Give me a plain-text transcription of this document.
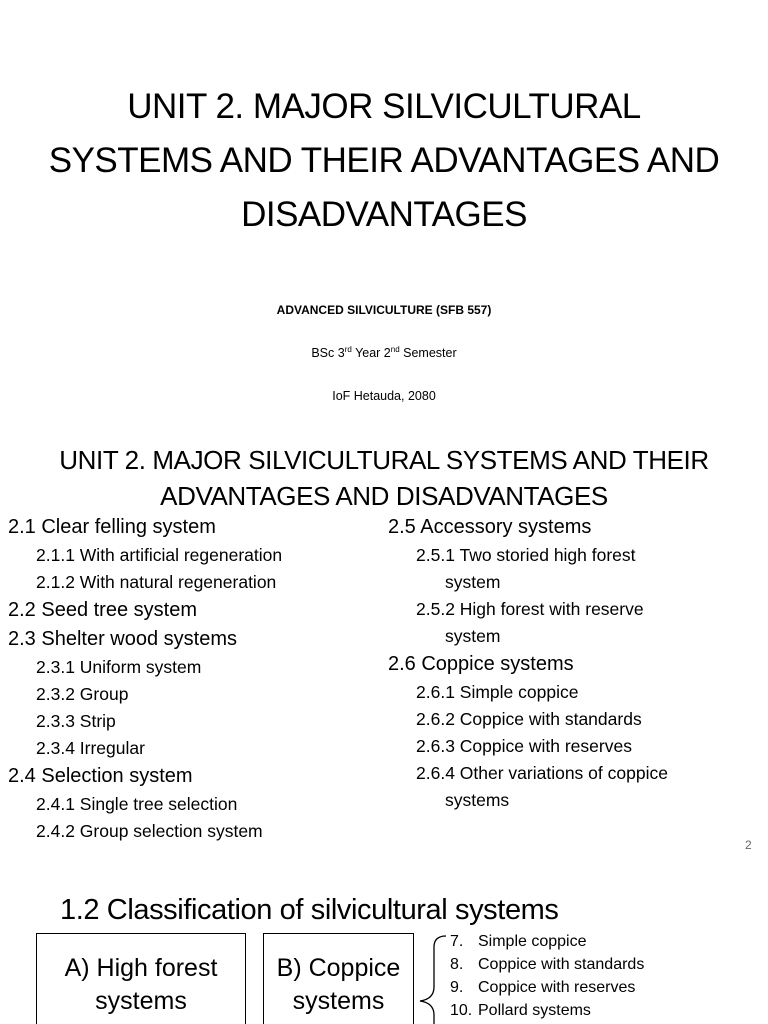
UNIT 2. MAJOR SILVICULTURAL
SYSTEMS AND THEIR ADVANTAGES AND
DISADVANTAGES
ADVANCED SILVICULTURE (SFB 557)
BSc 3rd Year 2nd Semester
IoF Hetauda, 2080
UNIT 2. MAJOR SILVICULTURAL SYSTEMS AND THEIR
ADVANTAGES AND DISADVANTAGES
2.1 Clear felling system
2.1.1 With artificial regeneration
2.1.2 With natural regeneration
2.2 Seed tree system
2.3 Shelter wood systems
2.3.1 Uniform system
2.3.2 Group
2.3.3 Strip
2.3.4 Irregular
2.4 Selection system
2.4.1 Single tree selection
2.4.2 Group selection system
2.5 Accessory systems
2.5.1 Two storied high forest
system
2.5.2 High forest with reserve
system
2.6 Coppice systems
2.6.1 Simple coppice
2.6.2 Coppice with standards
2.6.3 Coppice with reserves
2.6.4 Other variations of coppice
systems
2
1.2 Classification of silvicultural systems
A) High forest
systems
B) Coppice
systems
7. Simple coppice
8. Coppice with standards
9. Coppice with reserves
10. Pollard systems
